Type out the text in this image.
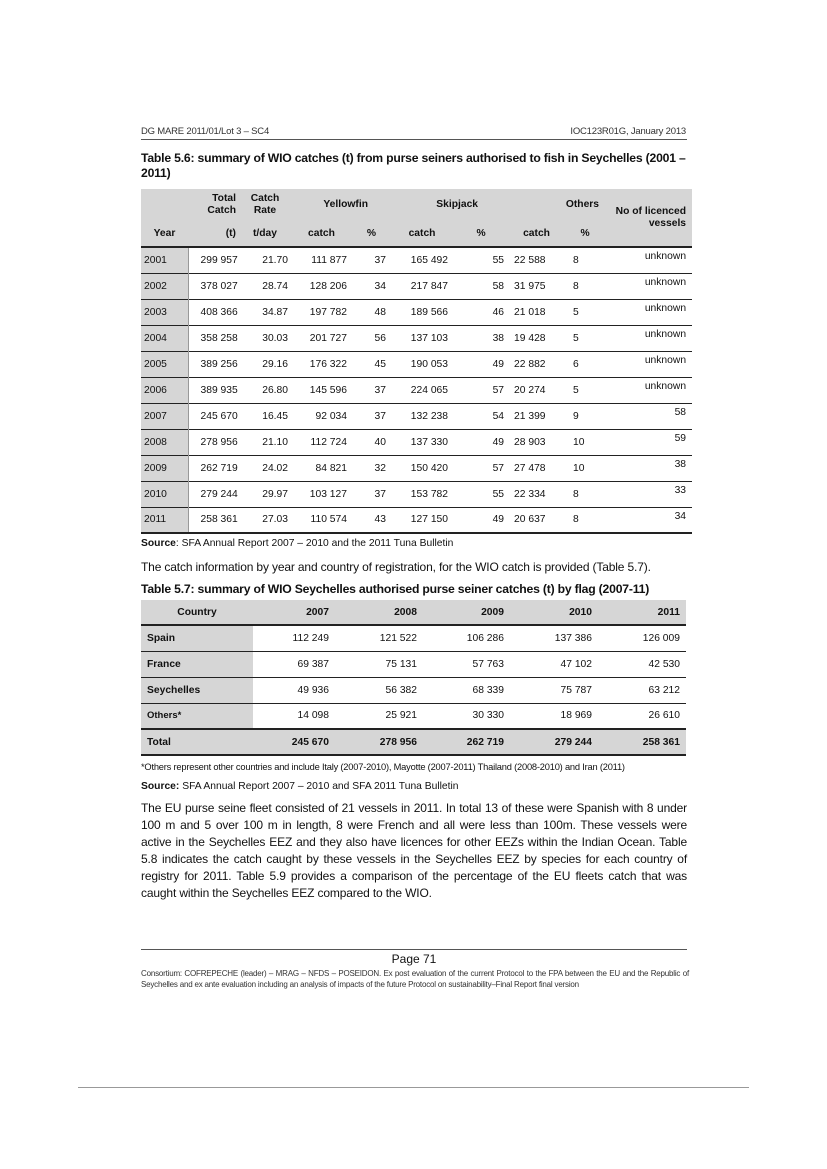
DG MARE 2011/01/Lot 3 – SC4	IOC123R01G, January 2013
Table 5.6: summary of WIO catches (t) from purse seiners authorised to fish in Seychelles (2001 – 2011)
	Total Catch	Catch Rate	Yellowfin		Skipjack		Others		No of licenced vessels
Year	(t)	t/day	catch	%	catch	%	catch	%	
2001	299 957	21.70	111 877	37	165 492	55	22 588	8	unknown
2002	378 027	28.74	128 206	34	217 847	58	31 975	8	unknown
2003	408 366	34.87	197 782	48	189 566	46	21 018	5	unknown
2004	358 258	30.03	201 727	56	137 103	38	19 428	5	unknown
2005	389 256	29.16	176 322	45	190 053	49	22 882	6	unknown
2006	389 935	26.80	145 596	37	224 065	57	20 274	5	unknown
2007	245 670	16.45	92 034	37	132 238	54	21 399	9	58
2008	278 956	21.10	112 724	40	137 330	49	28 903	10	59
2009	262 719	24.02	84 821	32	150 420	57	27 478	10	38
2010	279 244	29.97	103 127	37	153 782	55	22 334	8	33
2011	258 361	27.03	110 574	43	127 150	49	20 637	8	34
Source: SFA Annual Report 2007 – 2010 and the 2011 Tuna Bulletin
The catch information by year and country of registration, for the WIO catch is provided (Table 5.7).
Table 5.7: summary of WIO Seychelles authorised purse seiner catches (t) by flag (2007-11)
Country	2007	2008	2009	2010	2011
Spain	112 249	121 522	106 286	137 386	126 009
France	69 387	75 131	57 763	47 102	42 530
Seychelles	49 936	56 382	68 339	75 787	63 212
Others*	14 098	25 921	30 330	18 969	26 610
Total	245 670	278 956	262 719	279 244	258 361
*Others represent other countries and include Italy (2007-2010), Mayotte (2007-2011) Thailand (2008-2010) and Iran (2011)
Source: SFA Annual Report 2007 – 2010 and SFA 2011 Tuna Bulletin
The EU purse seine fleet consisted of 21 vessels in 2011. In total 13 of these were Spanish with 8 under 100 m and 5 over 100 m in length, 8 were French and all were less than 100m. These vessels were active in the Seychelles EEZ and they also have licences for other EEZs within the Indian Ocean. Table 5.8 indicates the catch caught by these vessels in the Seychelles EEZ by species for each country of registry for 2011. Table 5.9 provides a comparison of the percentage of the EU fleets catch that was caught within the Seychelles EEZ compared to the WIO.
Page 71
Consortium: COFREPECHE (leader) – MRAG – NFDS – POSEIDON. Ex post evaluation of the current Protocol to the FPA between the EU and the Republic of Seychelles and ex ante evaluation including an analysis of impacts of the future Protocol on sustainability–Final Report final version
